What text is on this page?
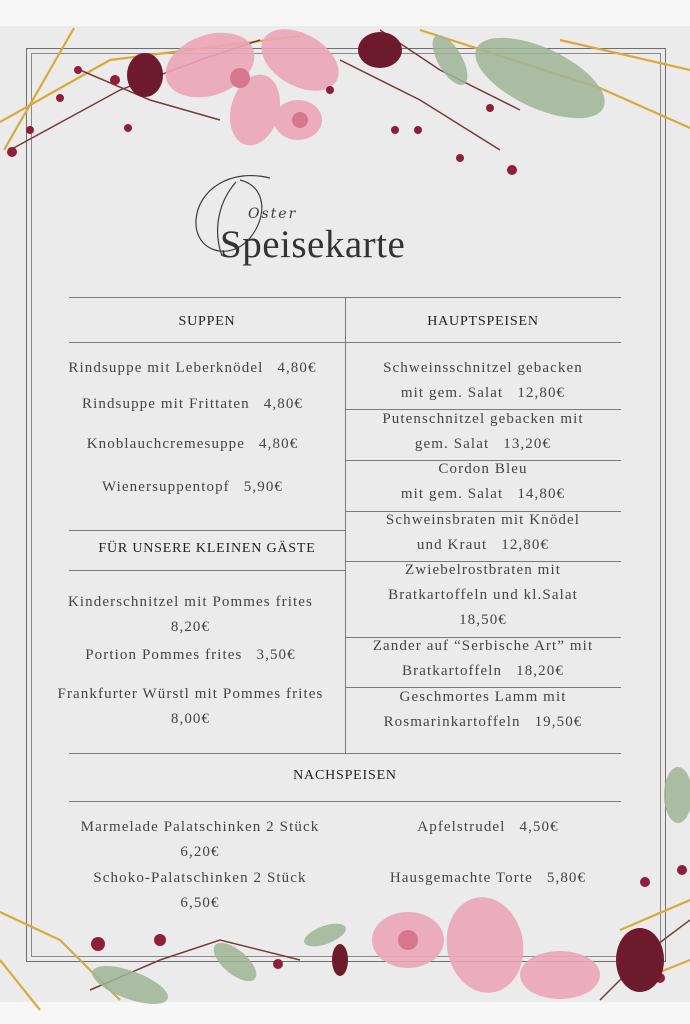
Oster
Speisekarte
SUPPEN	HAUPTSPEISEN
FÜR UNSERE KLEINEN GÄSTE
NACHSPEISEN
Rindsuppe mit Leberknödel 4,80€
Rindsuppe mit Frittaten 4,80€
Knoblauchcremesuppe 4,80€
Wienersuppentopf 5,90€
Kinderschnitzel mit Pommes frites
8,20€
Portion Pommes frites 3,50€
Frankfurter Würstl mit Pommes frites
8,00€
Schweinsschnitzel gebacken
mit gem. Salat 12,80€
Putenschnitzel gebacken mit
gem. Salat 13,20€
Cordon Bleu
mit gem. Salat 14,80€
Schweinsbraten mit Knödel
und Kraut 12,80€
Zwiebelrostbraten mit
Bratkartoffeln und kl.Salat
18,50€
Zander auf “Serbische Art” mit
Bratkartoffeln 18,20€
Geschmortes Lamm mit
Rosmarinkartoffeln 19,50€
Marmelade Palatschinken 2 Stück
6,20€
Schoko-Palatschinken 2 Stück
6,50€
Apfelstrudel 4,50€
Hausgemachte Torte 5,80€
